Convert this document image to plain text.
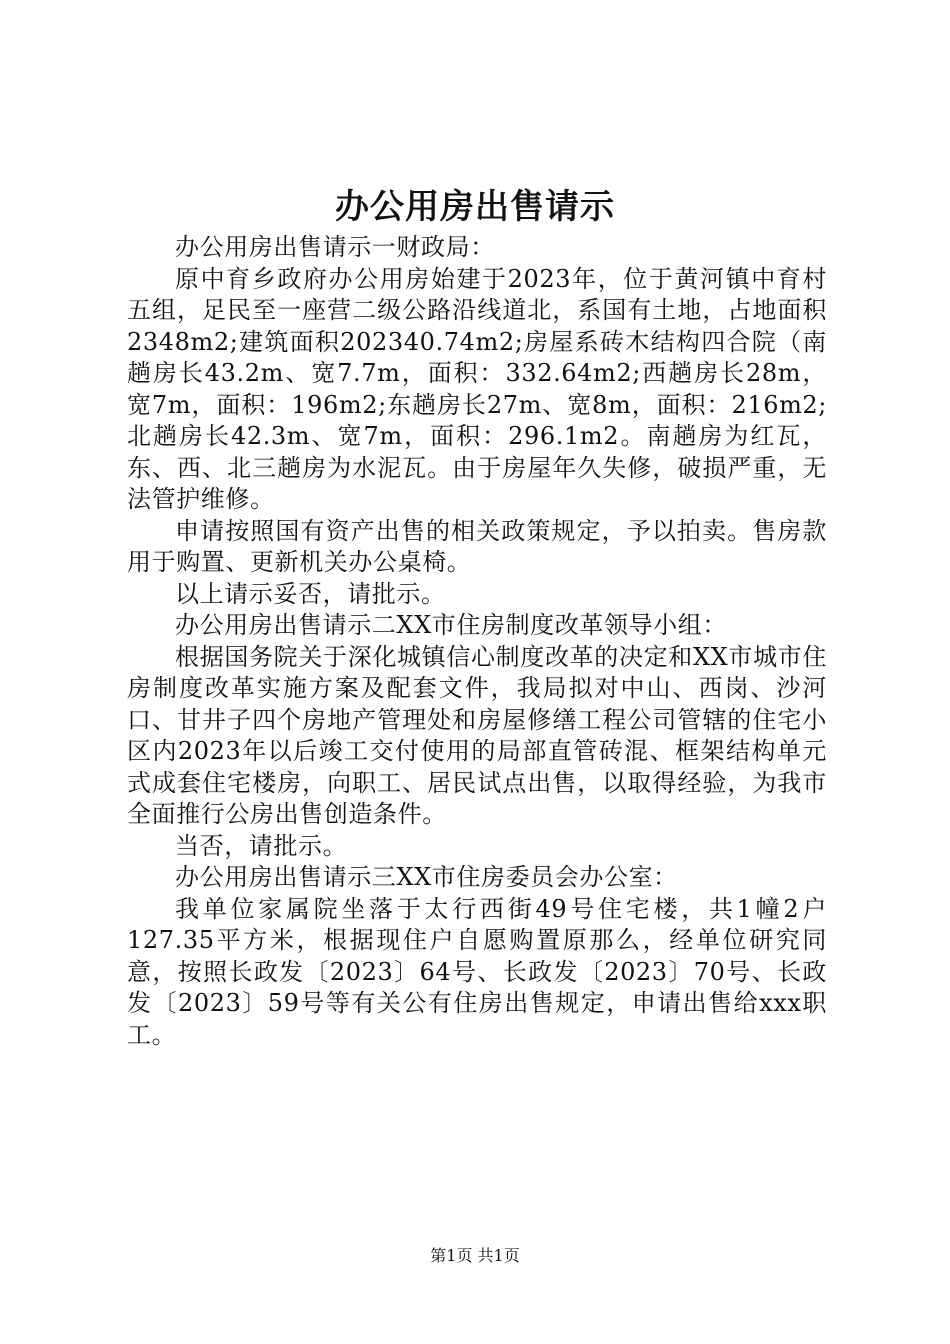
办公用房出售请示

办公用房出售请示一财政局：

原中育乡政府办公用房始建于2023年，位于黄河镇中育村五组，足民至一座营二级公路沿线道北，系国有土地，占地面积2348m2;建筑面积202340.74m2;房屋系砖木结构四合院（南趟房长43.2m、宽7.7m，面积：332.64m2;西趟房长28m，宽7m，面积：196m2;东趟房长27m、宽8m，面积：216m2;北趟房长42.3m、宽7m，面积：296.1m2。南趟房为红瓦，东、西、北三趟房为水泥瓦。由于房屋年久失修，破损严重，无法管护维修。

申请按照国有资产出售的相关政策规定，予以拍卖。售房款用于购置、更新机关办公桌椅。

以上请示妥否，请批示。

办公用房出售请示二XX市住房制度改革领导小组：

根据国务院关于深化城镇信心制度改革的决定和XX市城市住房制度改革实施方案及配套文件，我局拟对中山、西岗、沙河口、甘井子四个房地产管理处和房屋修缮工程公司管辖的住宅小区内2023年以后竣工交付使用的局部直管砖混、框架结构单元式成套住宅楼房，向职工、居民试点出售，以取得经验，为我市全面推行公房出售创造条件。

当否，请批示。

办公用房出售请示三XX市住房委员会办公室：

我单位家属院坐落于太行西街49号住宅楼，共1幢2户127.35平方米，根据现住户自愿购置原那么，经单位研究同意，按照长政发〔2023〕64号、长政发〔2023〕70号、长政发〔2023〕59号等有关公有住房出售规定，申请出售给xxx职工。

第1页 共1页
